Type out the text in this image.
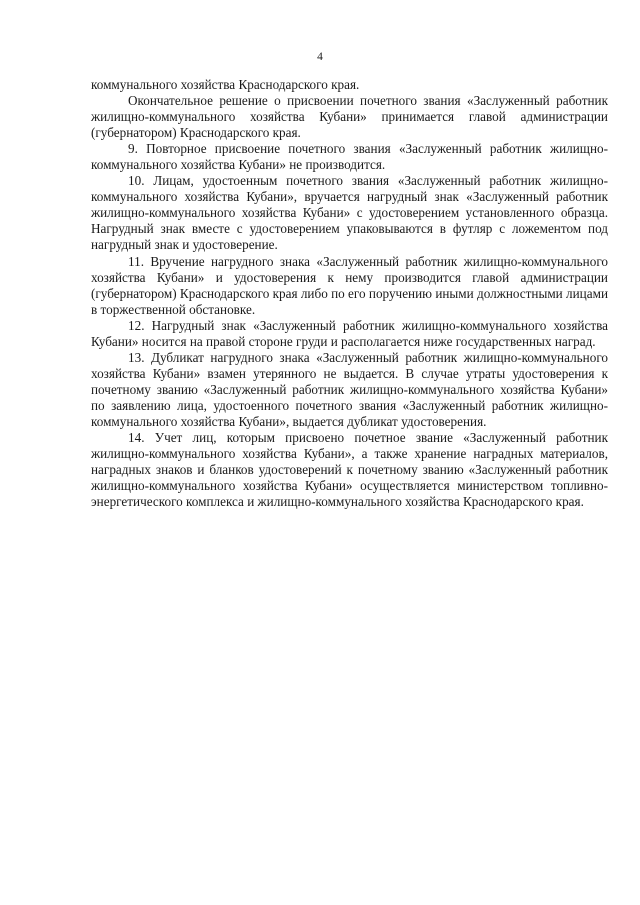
4

коммунального хозяйства Краснодарского края.

Окончательное решение о присвоении почетного звания «Заслуженный работник жилищно-коммунального хозяйства Кубани» принимается главой администрации (губернатором) Краснодарского края.

9. Повторное присвоение почетного звания «Заслуженный работник жилищно-коммунального хозяйства Кубани» не производится.

10. Лицам, удостоенным почетного звания «Заслуженный работник жилищно-коммунального хозяйства Кубани», вручается нагрудный знак «Заслуженный работник жилищно-коммунального хозяйства Кубани» с удостоверением установленного образца. Нагрудный знак вместе с удостоверением упаковываются в футляр с ложементом под нагрудный знак и удостоверение.

11. Вручение нагрудного знака «Заслуженный работник жилищно-коммунального хозяйства Кубани» и удостоверения к нему производится главой администрации (губернатором) Краснодарского края либо по его поручению иными должностными лицами в торжественной обстановке.

12. Нагрудный знак «Заслуженный работник жилищно-коммунального хозяйства Кубани» носится на правой стороне груди и располагается ниже государственных наград.

13. Дубликат нагрудного знака «Заслуженный работник жилищно-коммунального хозяйства Кубани» взамен утерянного не выдается. В случае утраты удостоверения к почетному званию «Заслуженный работник жилищно-коммунального хозяйства Кубани» по заявлению лица, удостоенного почетного звания «Заслуженный работник жилищно-коммунального хозяйства Кубани», выдается дубликат удостоверения.

14. Учет лиц, которым присвоено почетное звание «Заслуженный работник жилищно-коммунального хозяйства Кубани», а также хранение наградных материалов, наградных знаков и бланков удостоверений к почетному званию «Заслуженный работник жилищно-коммунального хозяйства Кубани» осуществляется министерством топливно-энергетического комплекса и жилищно-коммунального хозяйства Краснодарского края.
